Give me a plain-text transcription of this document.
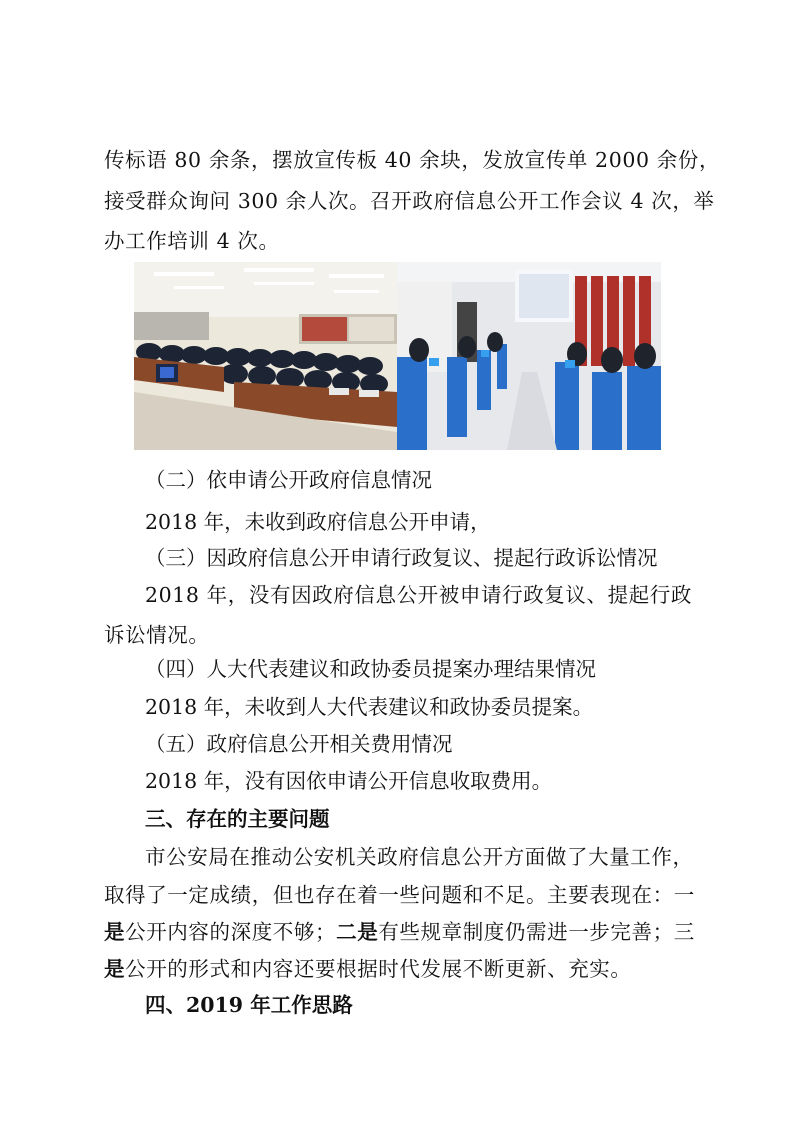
传标语 80 余条，摆放宣传板 40 余块，发放宣传单 2000 余份，

接受群众询问 300 余人次。召开政府信息公开工作会议 4 次，举

办工作培训 4 次。

（二）依申请公开政府信息情况

2018 年，未收到政府信息公开申请，

（三）因政府信息公开申请行政复议、提起行政诉讼情况

2018 年，没有因政府信息公开被申请行政复议、提起行政

诉讼情况。

（四）人大代表建议和政协委员提案办理结果情况

2018 年，未收到人大代表建议和政协委员提案。

（五）政府信息公开相关费用情况

2018 年，没有因依申请公开信息收取费用。

三、存在的主要问题

市公安局在推动公安机关政府信息公开方面做了大量工作，

取得了一定成绩，但也存在着一些问题和不足。主要表现在：一

是公开内容的深度不够；二是有些规章制度仍需进一步完善；三

是公开的形式和内容还要根据时代发展不断更新、充实。

四、2019 年工作思路
